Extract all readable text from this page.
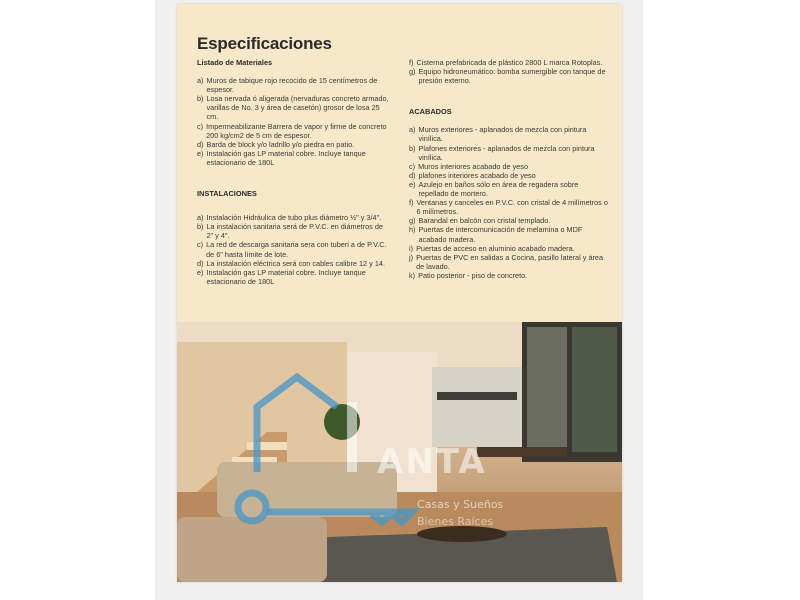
Especificaciones
Listado de Materiales
a) Muros de tabique rojo recocido de 15 centímetros de espesor.
b) Losa nervada ó aligerada (nervaduras concreto armado, varillas de No. 3 y área de casetón) grosor de losa 25 cm.
c) Impermeabilizante Barrera de vapor y firme de concreto 200 kg/cm2 de 5 cm de espesor.
d) Barda de block y/o ladrillo y/o piedra en patio.
e) Instalación gas LP material cobre. Incluye tanque estacionario de 180L
INSTALACIONES
a) Instalación Hidráulica de tubo plus diámetro ½" y 3/4".
b) La instalación sanitaria será de P.V.C. en diámetros de 2" y 4".
c) La red de descarga sanitaria sera con tuberi a de P.V.C. de 6" hasta límite de lote.
d) La instalación eléctrica será con cables calibre 12 y 14.
e) Instalación gas LP material cobre. Incluye tanque estacionario de 180L
f) Cisterna prefabricada de plástico 2800 L marca Rotoplas.
g) Equipo hidroneumático: bomba sumergible con tanque de presión externo.
ACABADOS
a) Muros exteriores - aplanados de mezcla con pintura vinílica.
b) Plafones exteriores - aplanados de mezcla con pintura vinílica.
c) Muros interiores acabado de yeso
d) plafones interiores acabado de yeso
e) Azulejo en baños sólo en área de regadera sobre repellado de mortero.
f) Ventanas y canceles en P.V.C. con cristal de 4 milímetros o 6 milímetros.
g) Barandal en balcón con cristal templado.
h) Puertas de intercomunicación de melamina o MDF acabado madera.
i) Puertas de acceso en aluminio acabado madera.
j) Puertas de PVC en salidas a Cocina, pasillo lateral y área de lavado.
k) Patio posterior - piso de concreto.
ANTA
Casas y Sueños
Bienes Raíces
